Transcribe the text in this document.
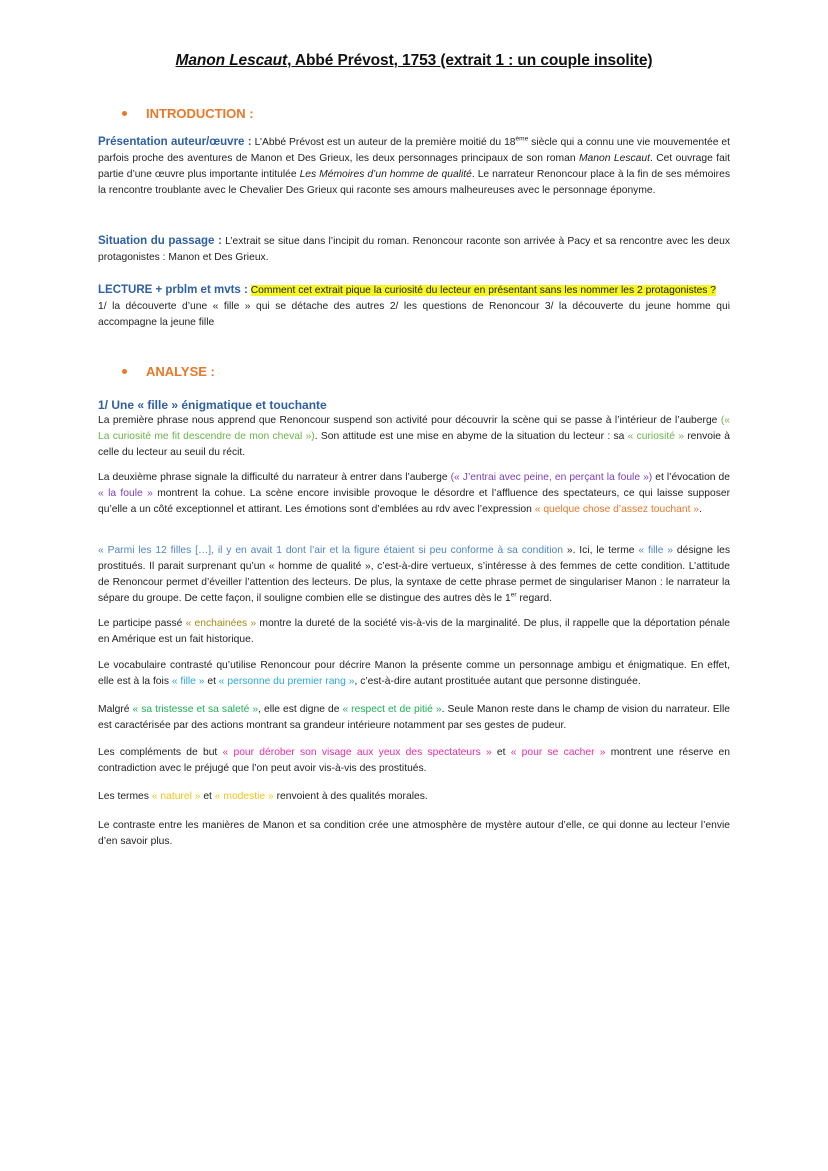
Manon Lescaut, Abbé Prévost, 1753 (extrait 1 : un couple insolite)
INTRODUCTION :
Présentation auteur/œuvre : L’Abbé Prévost est un auteur de la première moitié du 18ème siècle qui a connu une vie mouvementée et parfois proche des aventures de Manon et Des Grieux, les deux personnages principaux de son roman Manon Lescaut. Cet ouvrage fait partie d’une œuvre plus importante intitulée Les Mémoires d’un homme de qualité. Le narrateur Renoncour place à la fin de ses mémoires la rencontre troublante avec le Chevalier Des Grieux qui raconte ses amours malheureuses avec le personnage éponyme.
Situation du passage : L’extrait se situe dans l’incipit du roman. Renoncour raconte son arrivée à Pacy et sa rencontre avec les deux protagonistes : Manon et Des Grieux.
LECTURE + prblm et mvts : Comment cet extrait pique la curiosité du lecteur en présentant sans les nommer les 2 protagonistes ?
1/ la découverte d’une « fille » qui se détache des autres 2/ les questions de Renoncour 3/ la découverte du jeune homme qui accompagne la jeune fille
ANALYSE :
1/ Une « fille » énigmatique et touchante
La première phrase nous apprend que Renoncour suspend son activité pour découvrir la scène qui se passe à l’intérieur de l’auberge (« La curiosité me fit descendre de mon cheval »). Son attitude est une mise en abyme de la situation du lecteur : sa « curiosité » renvoie à celle du lecteur au seuil du récit.
La deuxième phrase signale la difficulté du narrateur à entrer dans l’auberge (« J’entrai avec peine, en perçant la foule ») et l’évocation de « la foule » montrent la cohue. La scène encore invisible provoque le désordre et l’affluence des spectateurs, ce qui laisse supposer qu’elle a un côté exceptionnel et attirant. Les émotions sont d’emblées au rdv avec l’expression « quelque chose d’assez touchant ».
« Parmi les 12 filles […], il y en avait 1 dont l’air et la figure étaient si peu conforme à sa condition ». Ici, le terme « fille » désigne les prostitués. Il parait surprenant qu’un « homme de qualité », c’est-à-dire vertueux, s’intéresse à des femmes de cette condition. L’attitude de Renoncour permet d’éveiller l’attention des lecteurs. De plus, la syntaxe de cette phrase permet de singulariser Manon : le narrateur la sépare du groupe. De cette façon, il souligne combien elle se distingue des autres dès le 1er regard.
Le participe passé « enchainées » montre la dureté de la société vis-à-vis de la marginalité. De plus, il rappelle que la déportation pénale en Amérique est un fait historique.
Le vocabulaire contrasté qu’utilise Renoncour pour décrire Manon la présente comme un personnage ambigu et énigmatique. En effet, elle est à la fois « fille » et « personne du premier rang », c’est-à-dire autant prostituée autant que personne distinguée.
Malgré « sa tristesse et sa saleté », elle est digne de « respect et de pitié ». Seule Manon reste dans le champ de vision du narrateur. Elle est caractérisée par des actions montrant sa grandeur intérieure notamment par ses gestes de pudeur.
Les compléments de but « pour dérober son visage aux yeux des spectateurs » et « pour se cacher » montrent une réserve en contradiction avec le préjugé que l’on peut avoir vis-à-vis des prostitués.
Les termes « naturel » et « modestie » renvoient à des qualités morales.
Le contraste entre les manières de Manon et sa condition crée une atmosphère de mystère autour d’elle, ce qui donne au lecteur l’envie d’en savoir plus.
